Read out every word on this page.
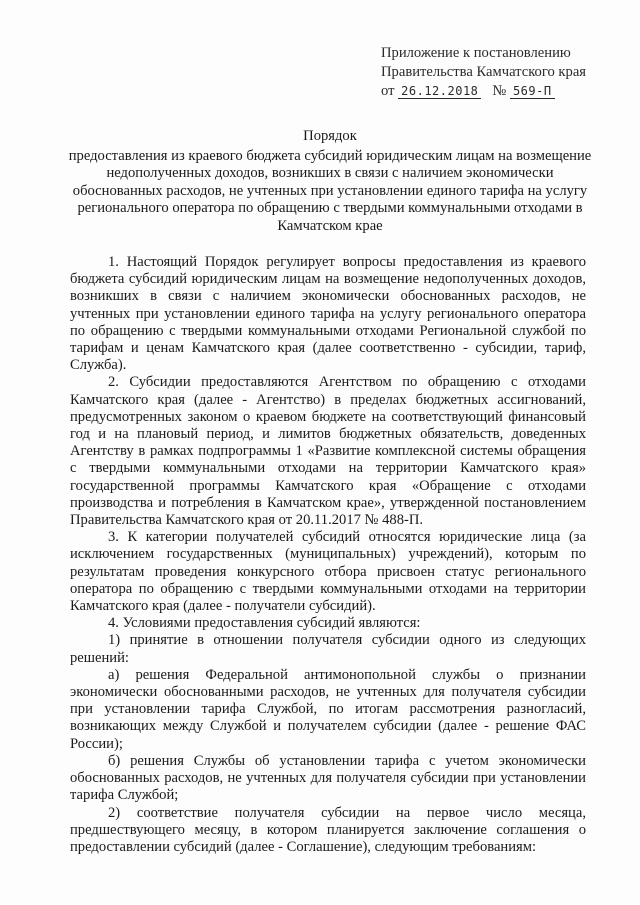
Приложение к постановлению
Правительства Камчатского края
от 26.12.2018 № 569-П
Порядок
предоставления из краевого бюджета субсидий юридическим лицам на возмещение недополученных доходов, возникших в связи с наличием экономически обоснованных расходов, не учтенных при установлении единого тарифа на услугу регионального оператора по обращению с твердыми коммунальными отходами в Камчатском крае

1. Настоящий Порядок регулирует вопросы предоставления из краевого бюджета субсидий юридическим лицам на возмещение недополученных доходов, возникших в связи с наличием экономически обоснованных расходов, не учтенных при установлении единого тарифа на услугу регионального оператора по обращению с твердыми коммунальными отходами Региональной службой по тарифам и ценам Камчатского края (далее соответственно - субсидии, тариф, Служба).

2. Субсидии предоставляются Агентством по обращению с отходами Камчатского края (далее - Агентство) в пределах бюджетных ассигнований, предусмотренных законом о краевом бюджете на соответствующий финансовый год и на плановый период, и лимитов бюджетных обязательств, доведенных Агентству в рамках подпрограммы 1 «Развитие комплексной системы обращения с твердыми коммунальными отходами на территории Камчатского края» государственной программы Камчатского края «Обращение с отходами производства и потребления в Камчатском крае», утвержденной постановлением Правительства Камчатского края от 20.11.2017 № 488-П.

3. К категории получателей субсидий относятся юридические лица (за исключением государственных (муниципальных) учреждений), которым по результатам проведения конкурсного отбора присвоен статус регионального оператора по обращению с твердыми коммунальными отходами на территории Камчатского края (далее - получатели субсидий).

4. Условиями предоставления субсидий являются:

1) принятие в отношении получателя субсидии одного из следующих решений:

а) решения Федеральной антимонопольной службы о признании экономически обоснованными расходов, не учтенных для получателя субсидии при установлении тарифа Службой, по итогам рассмотрения разногласий, возникающих между Службой и получателем субсидии (далее - решение ФАС России);

б) решения Службы об установлении тарифа с учетом экономически обоснованных расходов, не учтенных для получателя субсидии при установлении тарифа Службой;

2) соответствие получателя субсидии на первое число месяца, предшествующего месяцу, в котором планируется заключение соглашения о предоставлении субсидий (далее - Соглашение), следующим требованиям:
